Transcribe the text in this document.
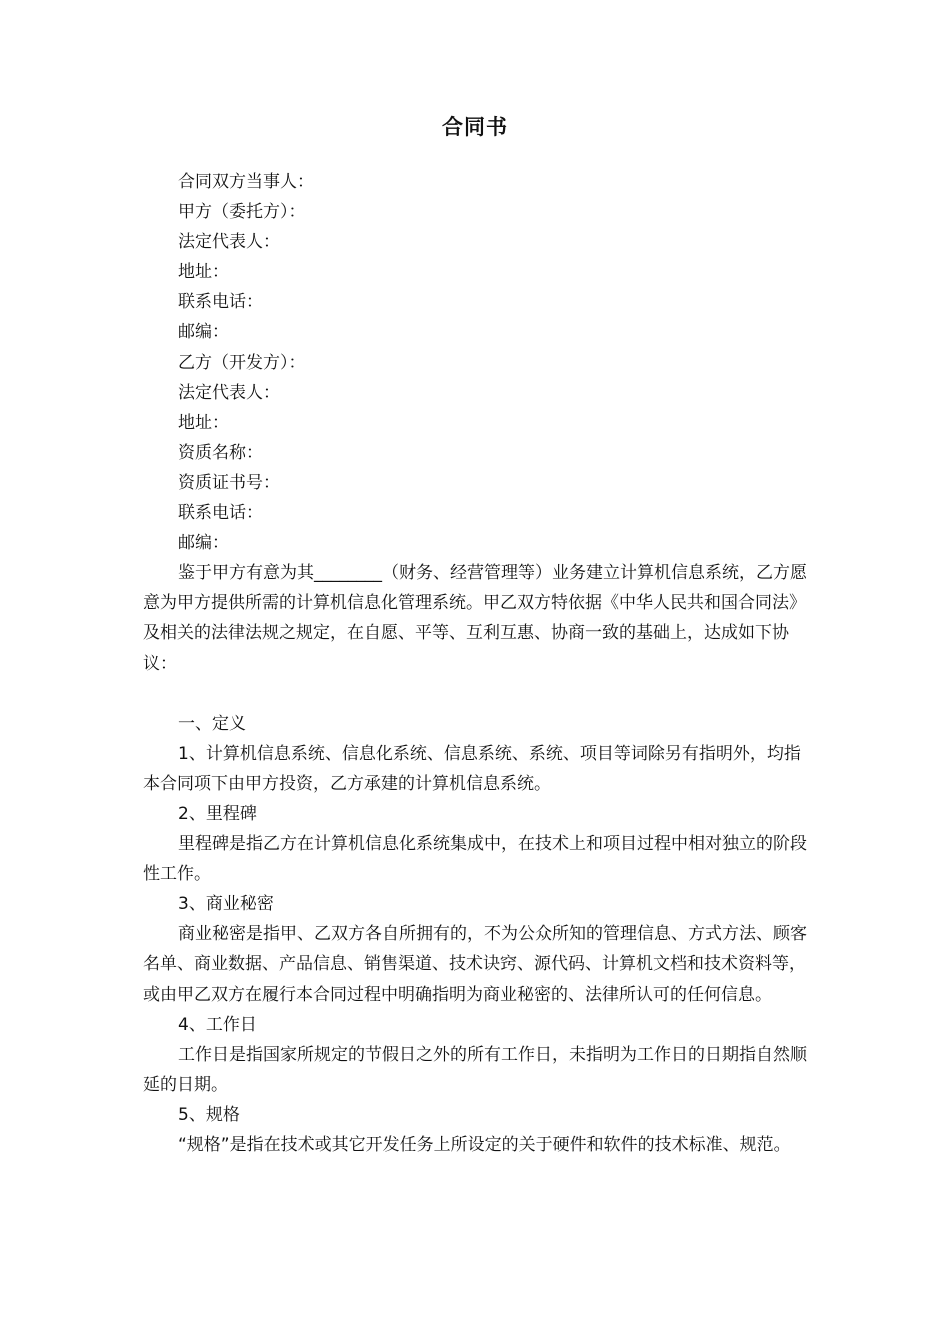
合同书

合同双方当事人：

甲方（委托方）：

法定代表人：

地址：

联系电话：

邮编：

乙方（开发方）：

法定代表人：

地址：

资质名称：

资质证书号：

联系电话：

邮编：

鉴于甲方有意为其________（财务、经营管理等）业务建立计算机信息系统，乙方愿意为甲方提供所需的计算机信息化管理系统。甲乙双方特依据《中华人民共和国合同法》及相关的法律法规之规定，在自愿、平等、互利互惠、协商一致的基础上，达成如下协议：

一、定义

1、计算机信息系统、信息化系统、信息系统、系统、项目等词除另有指明外，均指本合同项下由甲方投资，乙方承建的计算机信息系统。

2、里程碑

里程碑是指乙方在计算机信息化系统集成中，在技术上和项目过程中相对独立的阶段性工作。

3、商业秘密

商业秘密是指甲、乙双方各自所拥有的，不为公众所知的管理信息、方式方法、顾客名单、商业数据、产品信息、销售渠道、技术诀窍、源代码、计算机文档和技术资料等，或由甲乙双方在履行本合同过程中明确指明为商业秘密的、法律所认可的任何信息。

4、工作日

工作日是指国家所规定的节假日之外的所有工作日，未指明为工作日的日期指自然顺延的日期。

5、规格

“规格”是指在技术或其它开发任务上所设定的关于硬件和软件的技术标准、规范。
